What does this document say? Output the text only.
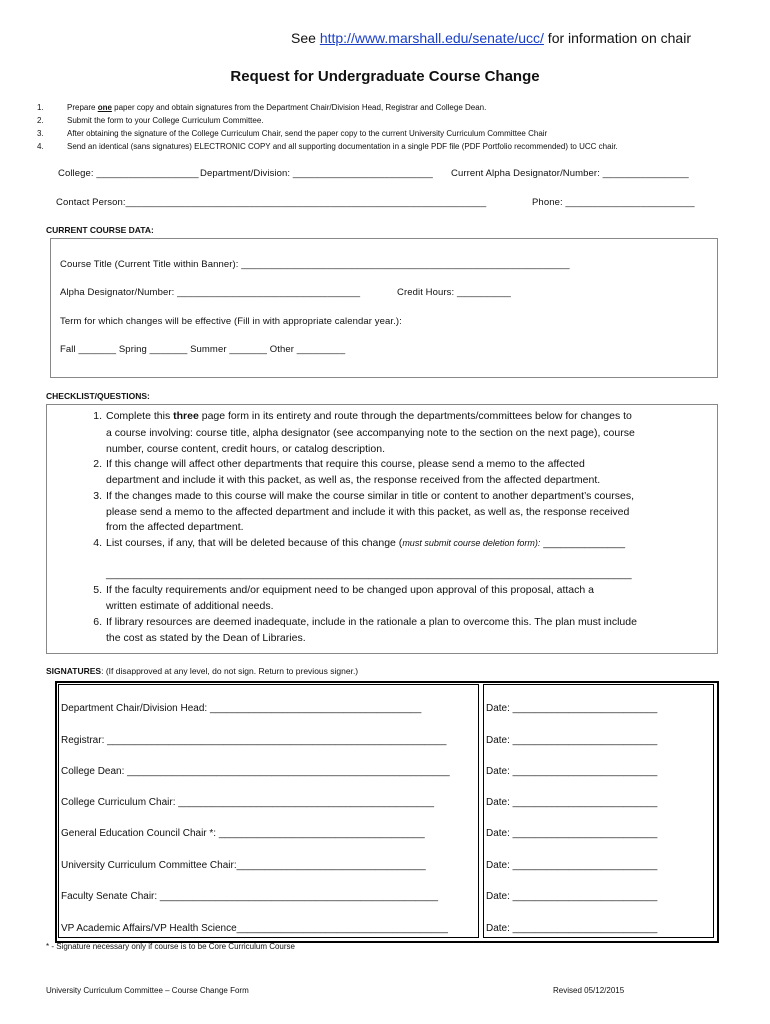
See http://www.marshall.edu/senate/ucc/ for information on chair
Request for Undergraduate Course Change
1.	Prepare one paper copy and obtain signatures from the Department Chair/Division Head, Registrar and College Dean.
2.	Submit the form to your College Curriculum Committee.
3.	After obtaining the signature of the College Curriculum Chair, send the paper copy to the current University Curriculum Committee Chair
4.	Send an identical (sans signatures) ELECTRONIC COPY and all supporting documentation in a single PDF file (PDF Portfolio recommended) to UCC chair.
College: ___________________ Department/Division: __________________________ Current Alpha Designator/Number: ________________
Contact Person:___________________________________________________________________	Phone: ________________________
CURRENT COURSE DATA:
Course Title (Current Title within Banner): _____________________________________________________________
Alpha Designator/Number: __________________________________	Credit Hours: __________
Term for which changes will be effective (Fill in with appropriate calendar year.):
Fall _______ Spring _______ Summer _______ Other _________
CHECKLIST/QUESTIONS:
1. Complete this three page form in its entirety and route through the departments/committees below for changes to
a course involving: course title, alpha designator (see accompanying note to the section on the next page), course
number, course content, credit hours, or catalog description.
2. If this change will affect other departments that require this course, please send a memo to the affected
department and include it with this packet, as well as, the response received from the affected department.
3. If the changes made to this course will make the course similar in title or content to another department’s courses,
please send a memo to the affected department and include it with this packet, as well as, the response received
from the affected department.
4. List courses, if any, that will be deleted because of this change (must submit course deletion form): ______________
__________________________________________________________________________________________
5. If the faculty requirements and/or equipment need to be changed upon approval of this proposal, attach a
written estimate of additional needs.
6. If library resources are deemed inadequate, include in the rationale a plan to overcome this. The plan must include
the cost as stated by the Dean of Libraries.
SIGNATURES: (If disapproved at any level, do not sign. Return to previous signer.)
Department Chair/Division Head: ______________________________________	Date: __________________________
Registrar: _____________________________________________________________	Date: __________________________
College Dean: __________________________________________________________	Date: __________________________
College Curriculum Chair: ______________________________________________	Date: __________________________
General Education Council Chair *: _____________________________________	Date: __________________________
University Curriculum Committee Chair:__________________________________	Date: __________________________
Faculty Senate Chair: __________________________________________________	Date: __________________________
VP Academic Affairs/VP Health Science______________________________________	Date: __________________________
* - Signature necessary only if course is to be Core Curriculum Course
University Curriculum Committee – Course Change Form	Revised 05/12/2015
